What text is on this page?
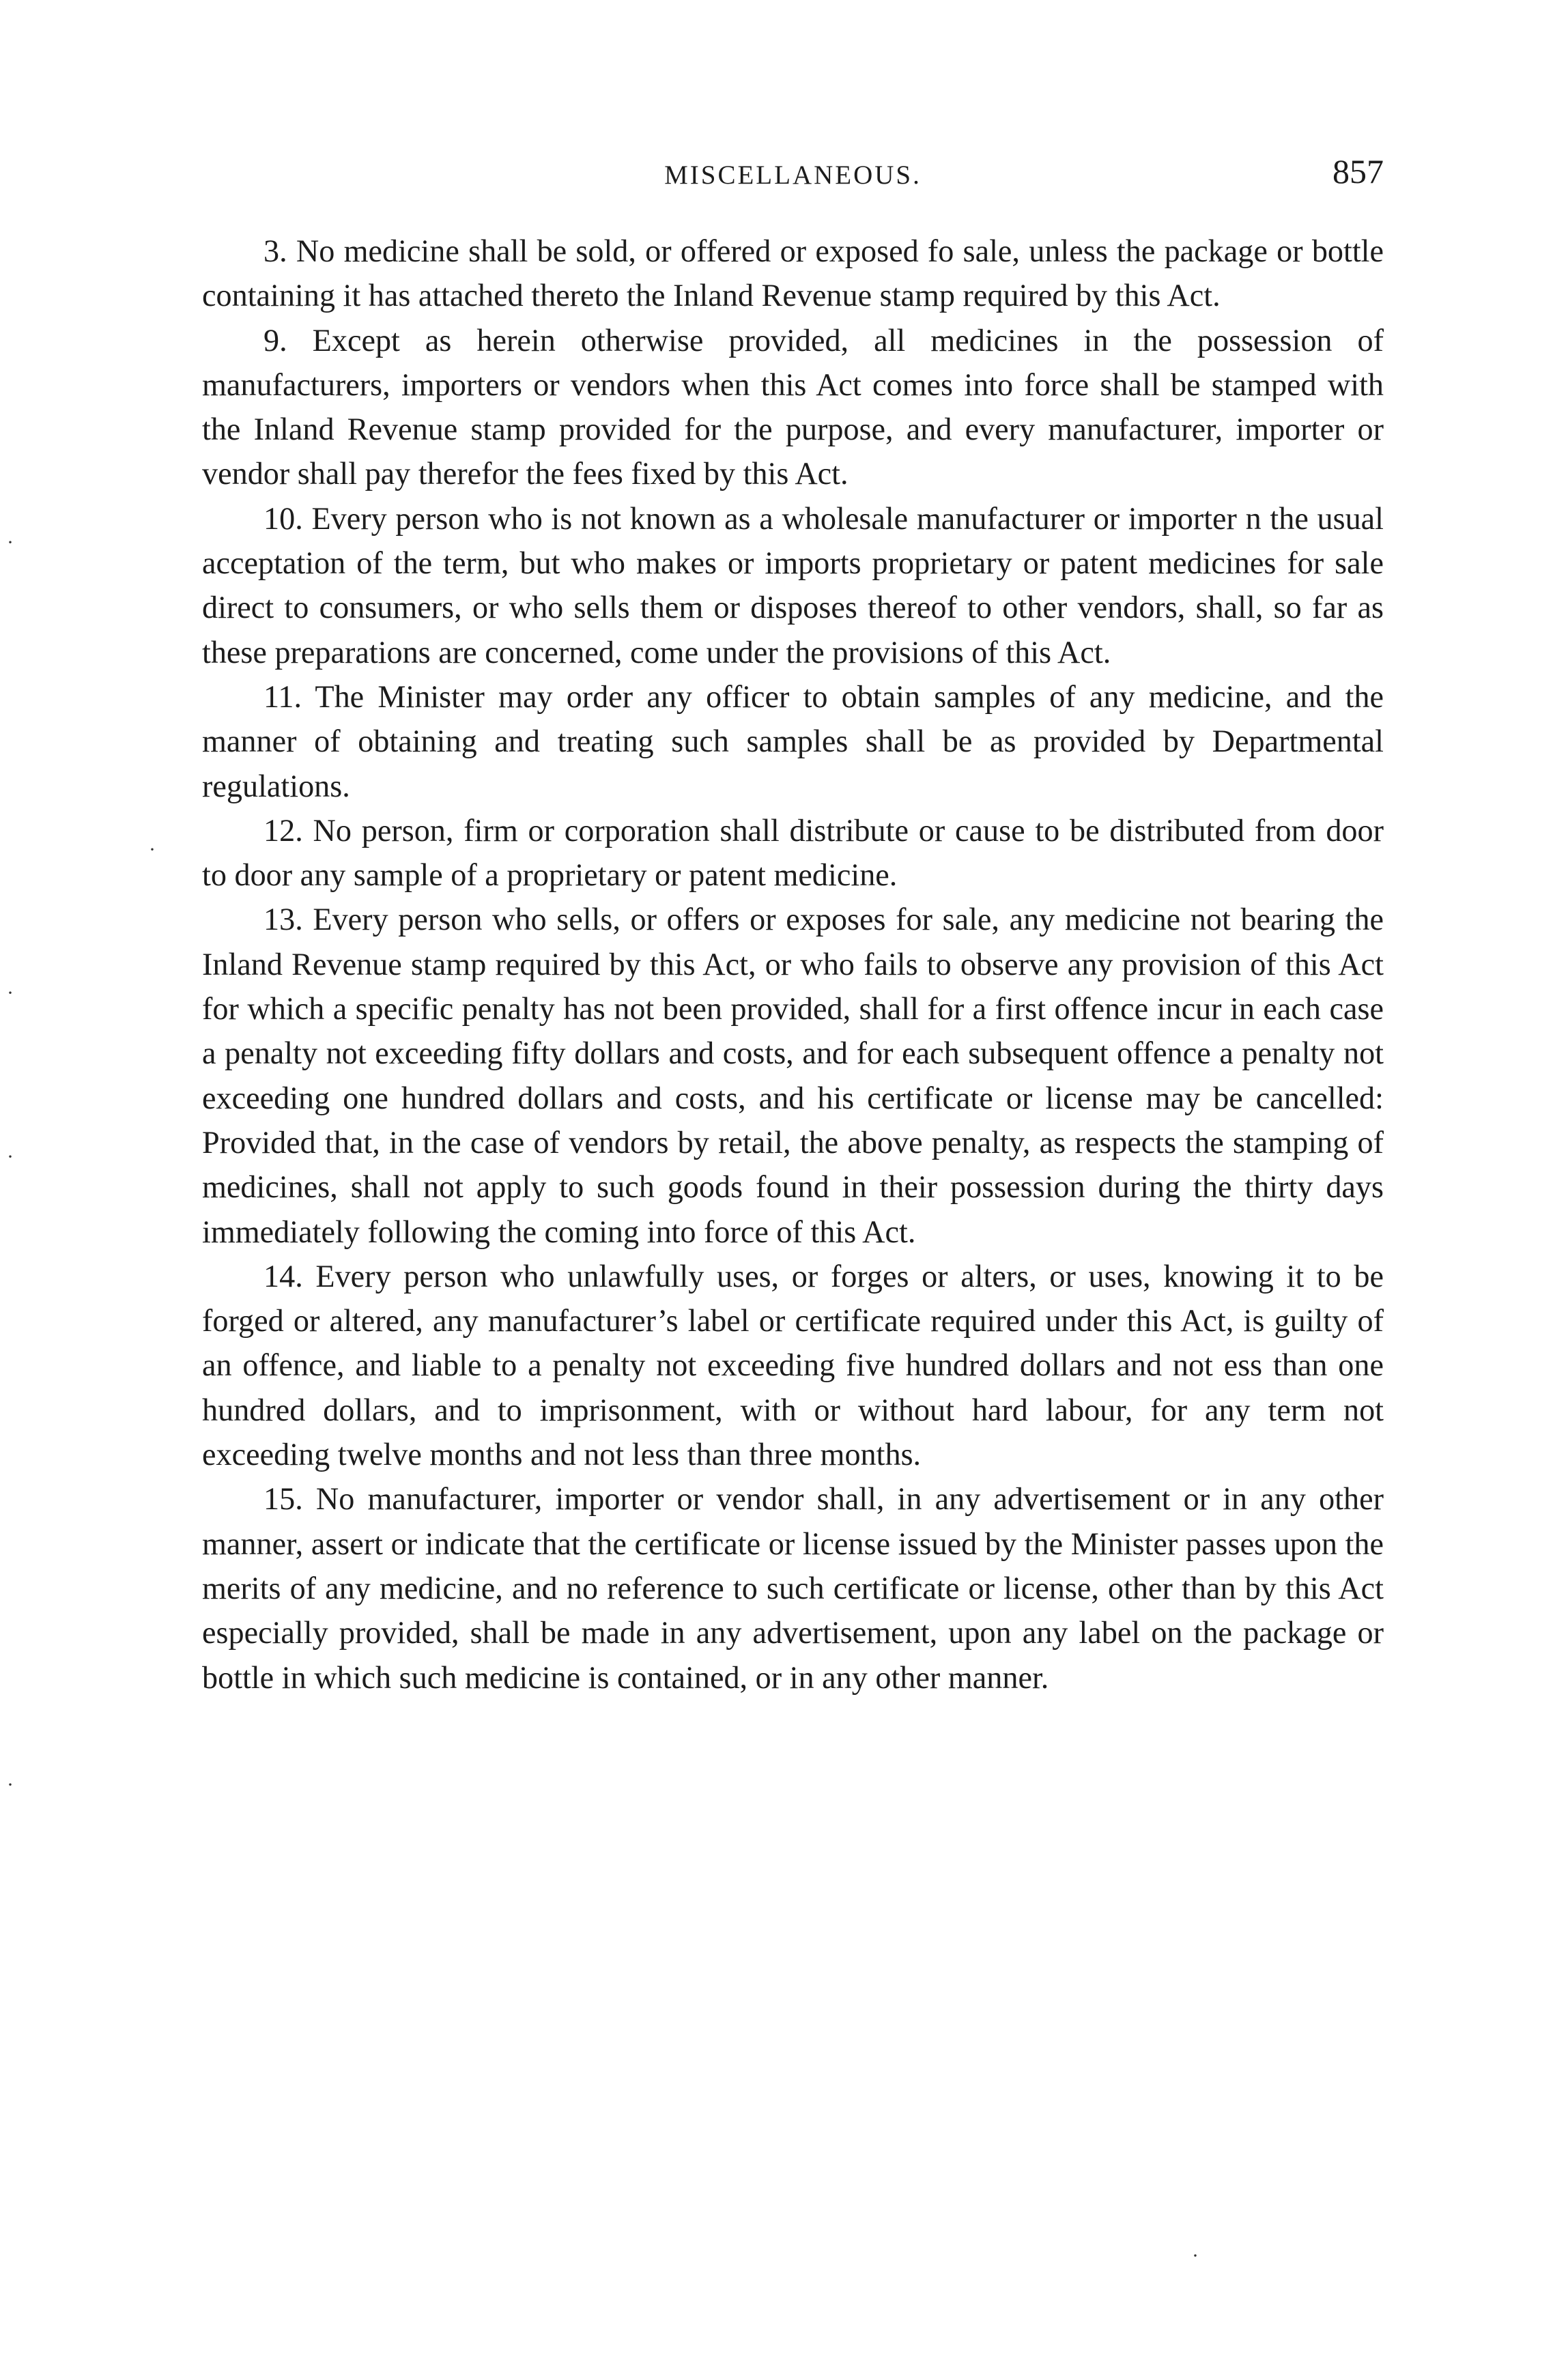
MISCELLANEOUS.	857

3. No medicine shall be sold, or offered or exposed fo sale, unless the package or bottle containing it has attached thereto the Inland Revenue stamp required by this Act.

9. Except as herein otherwise provided, all medicines in the possession of manufacturers, importers or vendors when this Act comes into force shall be stamped with the Inland Revenue stamp provided for the purpose, and every manufacturer, importer or vendor shall pay therefor the fees fixed by this Act.

10. Every person who is not known as a wholesale manufacturer or importer n the usual acceptation of the term, but who makes or imports proprietary or patent medicines for sale direct to consumers, or who sells them or disposes thereof to other vendors, shall, so far as these preparations are concerned, come under the provisions of this Act.

11. The Minister may order any officer to obtain samples of any medicine, and the manner of obtaining and treating such samples shall be as provided by Departmental regulations.

12. No person, firm or corporation shall distribute or cause to be distributed from door to door any sample of a proprietary or patent medicine.

13. Every person who sells, or offers or exposes for sale, any medicine not bearing the Inland Revenue stamp required by this Act, or who fails to observe any provision of this Act for which a specific penalty has not been provided, shall for a first offence incur in each case a penalty not exceeding fifty dollars and costs, and for each subsequent offence a penalty not exceeding one hundred dollars and costs, and his certificate or license may be cancelled: Provided that, in the case of vendors by retail, the above penalty, as respects the stamping of medicines, shall not apply to such goods found in their possession during the thirty days immediately following the coming into force of this Act.

14. Every person who unlawfully uses, or forges or alters, or uses, knowing it to be forged or altered, any manufacturer’s label or certificate required under this Act, is guilty of an offence, and liable to a penalty not exceeding five hundred dollars and not ess than one hundred dollars, and to imprisonment, with or without hard labour, for any term not exceeding twelve months and not less than three months.

15. No manufacturer, importer or vendor shall, in any advertisement or in any other manner, assert or indicate that the certificate or license issued by the Minister passes upon the merits of any medicine, and no reference to such certificate or license, other than by this Act especially provided, shall be made in any advertisement, upon any label on the package or bottle in which such medicine is contained, or in any other manner.

·
·
·
·
·
·
